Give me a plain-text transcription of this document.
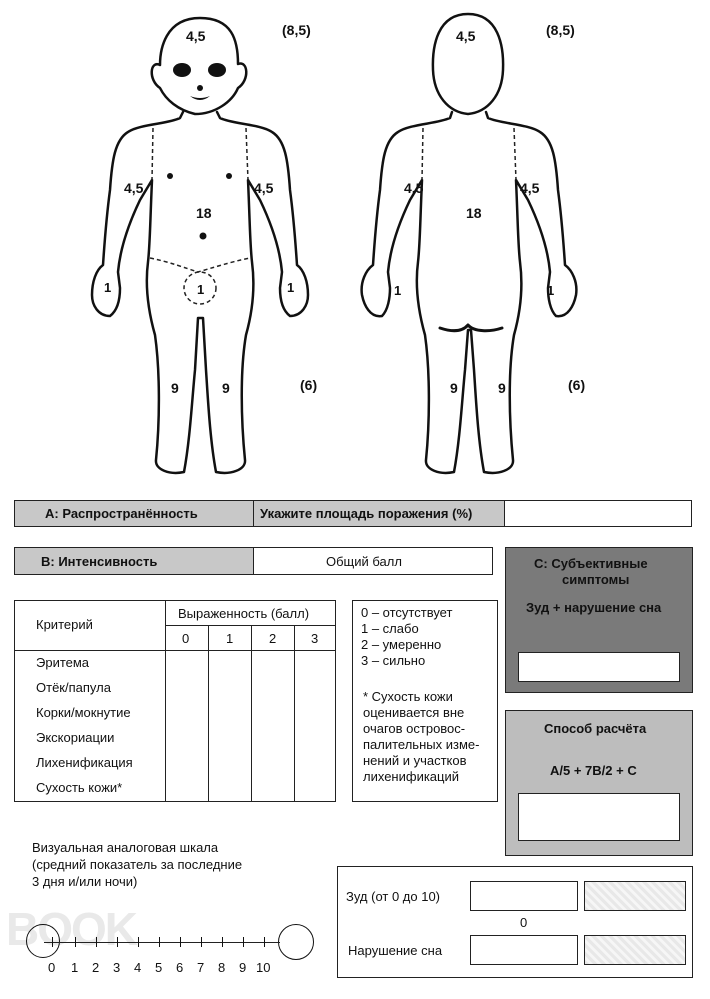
4,5	(8,5)
4,5	4,5
18
1	1
1
9	9	(6)
4,5	(8,5)
4,5	4,5
18
1	1
9	9	(6)
А: Распространённость	Укажите площадь поражения (%)
В: Интенсивность	Общий балл
Критерий
Выраженность (балл)
0	1	2	3
Эритема
Отёк/папула
Корки/мокнутие
Экскориации
Лихенификация
Сухость кожи*
0 – отсутствует
1 – слабо
2 – умеренно
3 – сильно
* Сухость кожи
оценивается вне
очагов островос-
палительных изме-
нений и участков
лихенификаций
С: Субъективные
симптомы
Зуд + нарушение сна
Способ расчёта
А/5 + 7В/2 + С
Визуальная аналоговая шкала
(средний показатель за последние
3 дня и/или ночи)
BOOK
0 1 2 3 4 5 6 7 8 9 10
Зуд (от 0 до 10)
0
Нарушение сна
